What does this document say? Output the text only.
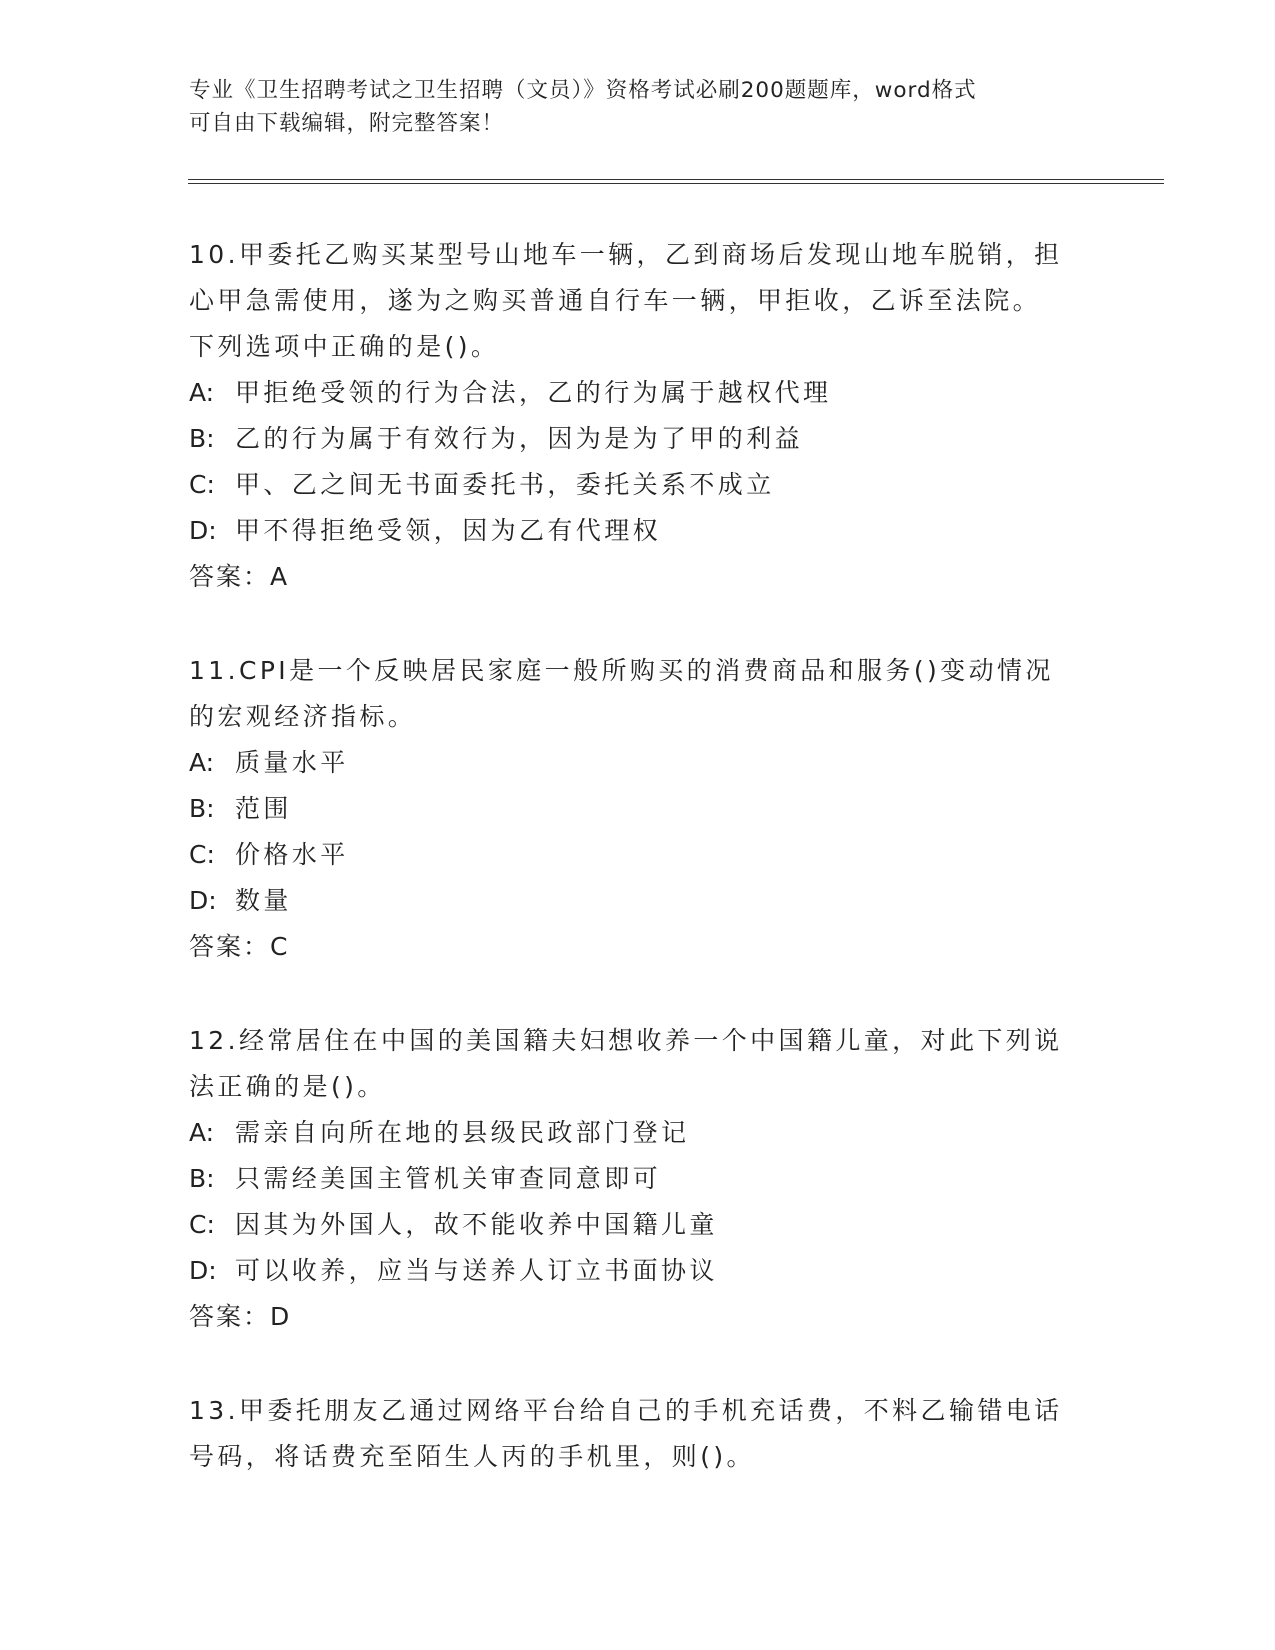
专业《卫生招聘考试之卫生招聘（文员）》资格考试必刷200题题库，word格式
可自由下载编辑，附完整答案！
10.甲委托乙购买某型号山地车一辆，乙到商场后发现山地车脱销，担
心甲急需使用，遂为之购买普通自行车一辆，甲拒收，乙诉至法院。
下列选项中正确的是()。
A: 甲拒绝受领的行为合法，乙的行为属于越权代理
B: 乙的行为属于有效行为，因为是为了甲的利益
C: 甲、乙之间无书面委托书，委托关系不成立
D: 甲不得拒绝受领，因为乙有代理权
答案：A
11.CPI是一个反映居民家庭一般所购买的消费商品和服务()变动情况
的宏观经济指标。
A: 质量水平
B: 范围
C: 价格水平
D: 数量
答案：C
12.经常居住在中国的美国籍夫妇想收养一个中国籍儿童，对此下列说
法正确的是()。
A: 需亲自向所在地的县级民政部门登记
B: 只需经美国主管机关审查同意即可
C: 因其为外国人，故不能收养中国籍儿童
D: 可以收养，应当与送养人订立书面协议
答案：D
13.甲委托朋友乙通过网络平台给自己的手机充话费，不料乙输错电话
号码，将话费充至陌生人丙的手机里，则()。
